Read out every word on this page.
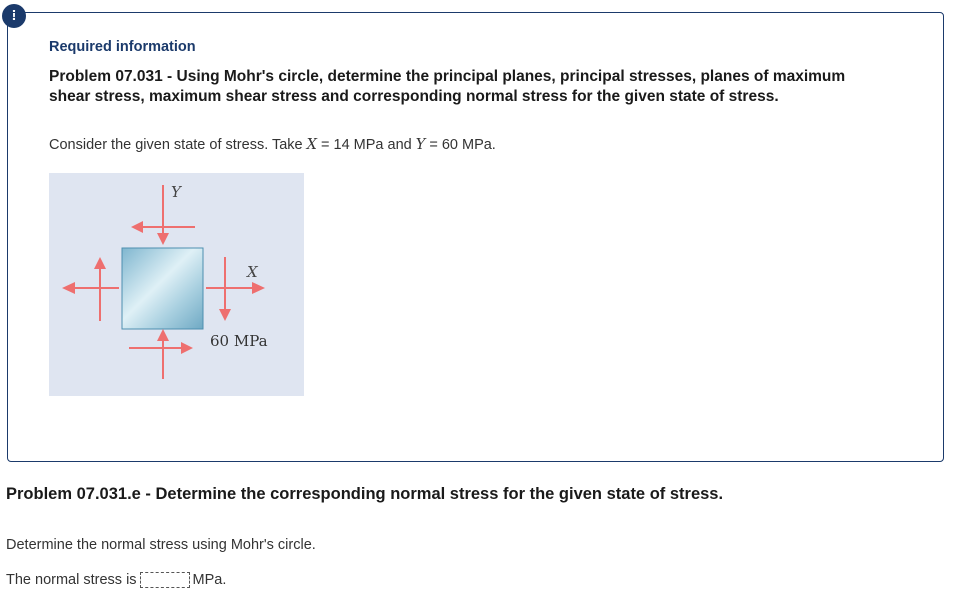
!
Required information
Problem 07.031 - Using Mohr's circle, determine the principal planes, principal stresses, planes of maximum shear stress, maximum shear stress and corresponding normal stress for the given state of stress.
Consider the given state of stress. Take X = 14 MPa and Y = 60 MPa.
Y
X
60 MPa
Problem 07.031.e - Determine the corresponding normal stress for the given state of stress.
Determine the normal stress using Mohr's circle.
The normal stress is	MPa.
